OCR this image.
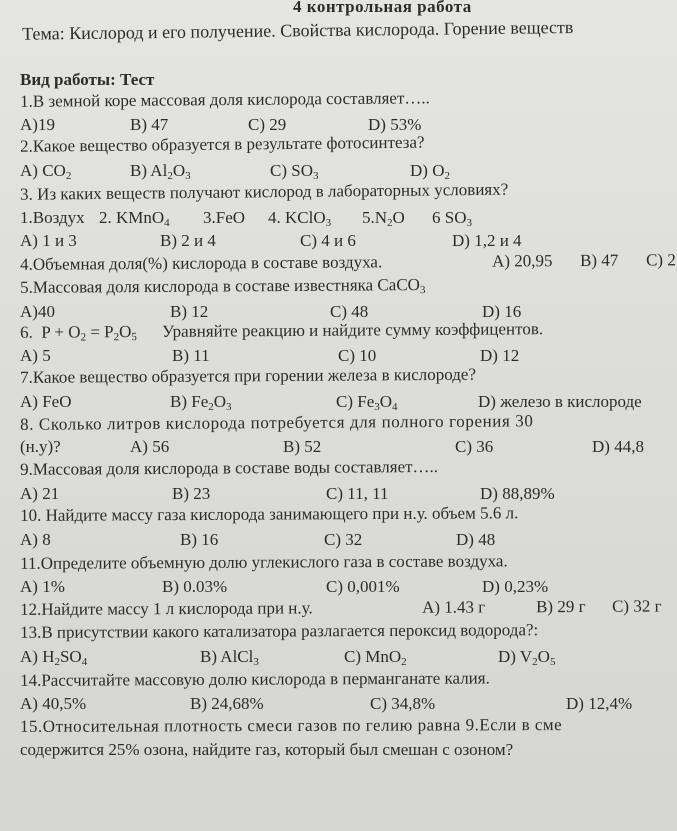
4 контрольная работа
Тема: Кислород и его получение. Свойства кислорода. Горение веществ
Вид работы: Тест
1.В земной коре массовая доля кислорода составляет…..
A)19	B) 47	C) 29	D) 53%
2.Какое вещество образуется в результате фотосинтеза?
A) $CO_2$	B) $Al_2O_3$	C) $SO_3$	D) $O_2$
3. Из каких веществ получают кислород в лабораторных условиях?
1.Воздух 2. KMnO$_4$ 3.FeO 4. KClO$_3$ $5.N_2O$ 6 $SO_3$
A) 1 и 3	B) 2 и 4	C) 4 и 6	D) 1,2 и 4
4.Объемная доля(%) кислорода в составе воздуха.	A) 20,95 B) 47 C) 2
5.Массовая доля кислорода в составе известняка CaCO$_3$
A)40	B) 12	C) 48	D) 16
6.  $P + O_2 = P_2O_5$ Уравняйте реакцию и найдите сумму коэффицентов.
A) 5	B) 11	C) 10	D) 12
7.Какое вещество образуется при горении железа в кислороде?
A) FeO	B) $Fe_2O_3$	C) $Fe_3O_4$	D) железо в кислороде
8. Сколько литров кислорода потребуется для полного горения 30
(н.у)?	A) 56	B) 52	C) 36	D) 44,8
9.Массовая доля кислорода в составе воды составляет…..
A) 21	B) 23	C) 11, 11	D) 88,89%
10. Найдите массу газа кислорода занимающего при н.у. объем 5.6 л.
A) 8	B) 16	C) 32	D) 48
11.Определите объемную долю углекислого газа в составе воздуха.
A) 1%	B) 0.03%	C) 0,001%	D) 0,23%
12.Найдите массу 1 л кислорода при н.у.	A) 1.43 г	B) 29 г C) 32 г
13.В присутствии какого катализатора разлагается пероксид водорода?:
A) $H_2SO_4$	B) AlCl$_3$	C) MnO$_2$	D) $V_2O_5$
14.Рассчитайте массовую долю кислорода в перманганате калия.
A) 40,5%	B) 24,68%	C) 34,8%	D) 12,4%
15.Относительная плотность смеси газов по гелию равна 9.Если в сме
содержится 25% озона, найдите газ, который был смешан с озоном?
